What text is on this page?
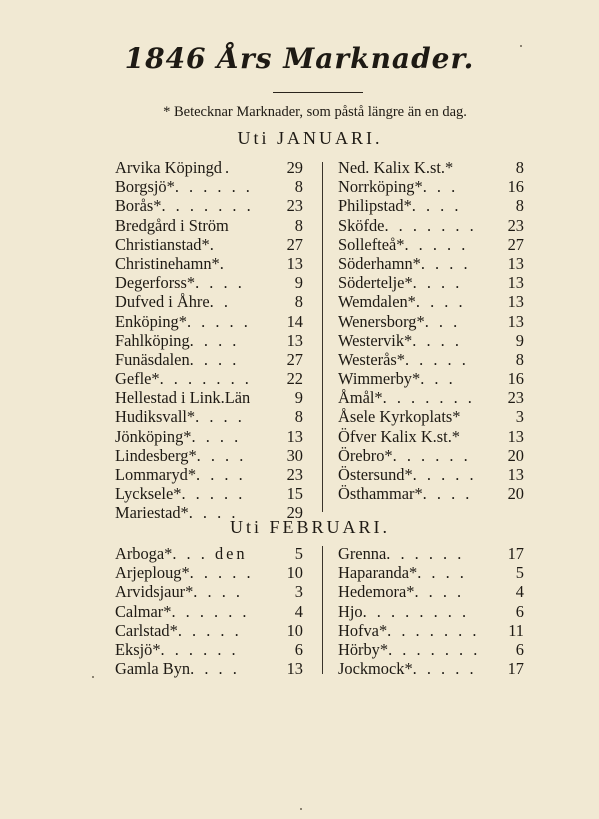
1846 Års Marknader.
* Betecknar Marknader, som påstå längre än en dag.
Uti JANUARI.
Arvika Köping d.	29
Borgsjö* . . . . . .	8
Borås* . . . . . . .	23
Bredgård i Ström	8
Christianstad* .	27
Christinehamn* .	13
Degerforss* . . . .	9
Dufved i Åhre . .	8
Enköping* . . . . .	14
Fahlköping . . . .	13
Funäsdalen . . . .	27
Gefle* . . . . . . .	22
Hellestad i Link.Län	9
Hudiksvall* . . . .	8
Jönköping* . . . .	13
Lindesberg* . . . .	30
Lommaryd* . . . .	23
Lycksele* . . . . .	15
Mariestad* . . . .	29
Ned. Kalix K.st.*	8
Norrköping* . . .	16
Philipstad* . . . .	8
Sköfde . . . . . . .	23
Sollefteå* . . . . .	27
Söderhamn* . . . .	13
Södertelje* . . . .	13
Wemdalen* . . . .	13
Wenersborg* . . .	13
Westervik* . . . .	9
Westerås* . . . . .	8
Wimmerby* . . .	16
Åmål* . . . . . . .	23
Åsele Kyrkoplats*	3
Öfver Kalix K.st.*	13
Örebro* . . . . . .	20
Östersund* . . . . .	13
Östhammar* . . . .	20
Uti FEBRUARI.
Arboga* . . . den	5
Arjeploug* . . . . .	10
Arvidsjaur* . . . .	3
Calmar* . . . . . .	4
Carlstad* . . . . .	10
Eksjö* . . . . . .	6
Gamla Byn . . . .	13
Grenna . . . . . .	17
Haparanda* . . . .	5
Hedemora* . . . .	4
Hjo . . . . . . . .	6
Hofva* . . . . . . .	11
Hörby* . . . . . . .	6
Jockmock* . . . . .	17
